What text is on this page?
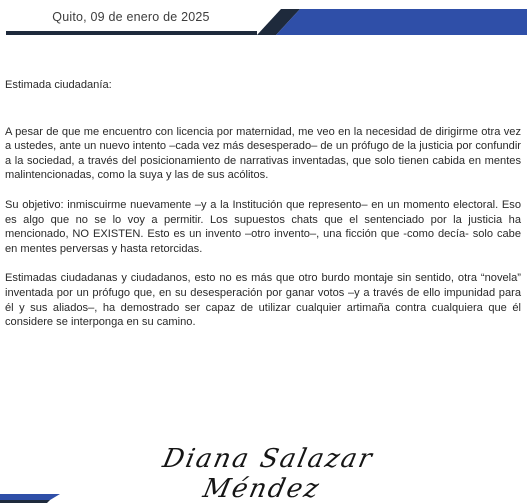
Quito, 09 de enero de 2025

Estimada ciudadanía:

A pesar de que me encuentro con licencia por maternidad, me veo en la necesidad de dirigirme otra vez a ustedes, ante un nuevo intento –cada vez más desesperado– de un prófugo de la justicia por confundir a la sociedad, a través del posicionamiento de narrativas inventadas, que solo tienen cabida en mentes malintencionadas, como la suya y las de sus acólitos.

Su objetivo: inmiscuirme nuevamente –y a la Institución que represento– en un momento electoral. Eso es algo que no se lo voy a permitir. Los supuestos chats que el sentenciado por la justicia ha mencionado, NO EXISTEN. Esto es un invento –otro invento–, una ficción que -como decía- solo cabe en mentes perversas y hasta retorcidas.

Estimadas ciudadanas y ciudadanos, esto no es más que otro burdo montaje sin sentido, otra “novela” inventada por un prófugo que, en su desesperación por ganar votos –y a través de ello impunidad para él y sus aliados–, ha demostrado ser capaz de utilizar cualquier artimaña contra cualquiera que él considere se interponga en su camino.

Diana Salazar Méndez
